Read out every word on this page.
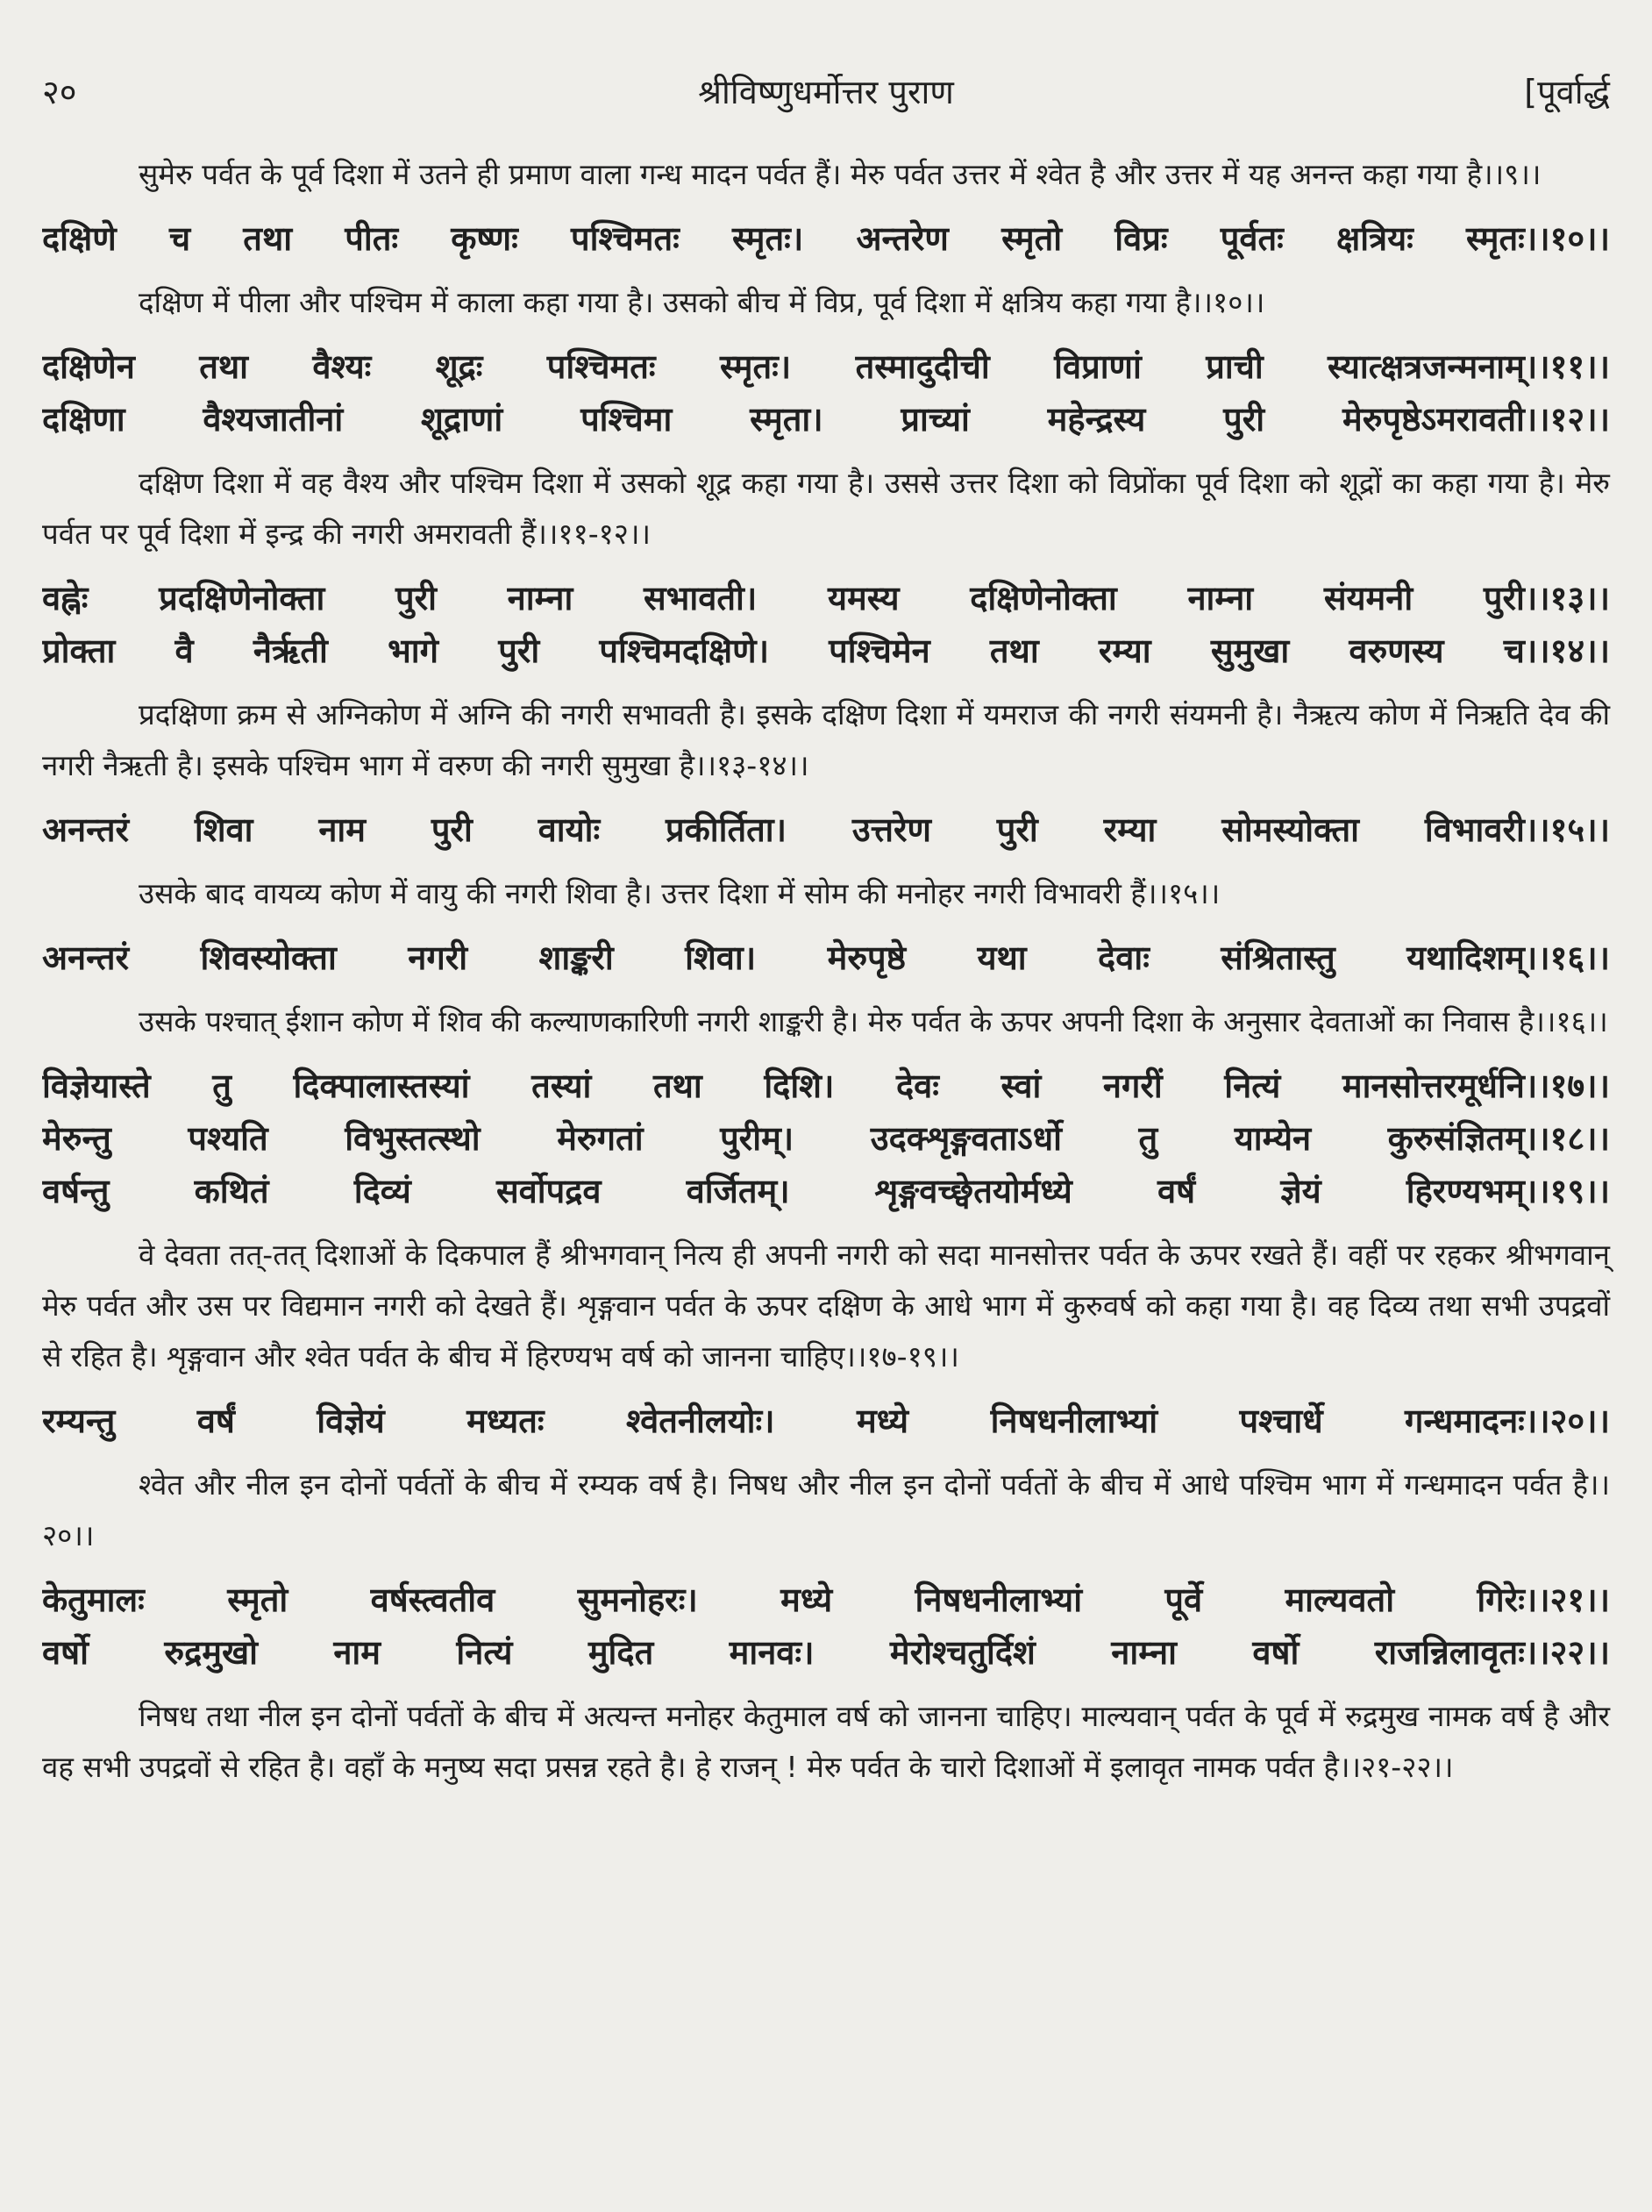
२०	श्रीविष्णुधर्मोत्तर पुराण	[पूर्वार्द्ध
सुमेरु पर्वत के पूर्व दिशा में उतने ही प्रमाण वाला गन्ध मादन पर्वत हैं। मेरु पर्वत उत्तर में श्वेत है और उत्तर में यह अनन्त कहा गया है।।९।।
दक्षिणे च तथा पीतः कृष्णः पश्चिमतः स्मृतः। अन्तरेण स्मृतो विप्रः पूर्वतः क्षत्रियः स्मृतः।।१०।।
दक्षिण में पीला और पश्चिम में काला कहा गया है। उसको बीच में विप्र, पूर्व दिशा में क्षत्रिय कहा गया है।।१०।।
दक्षिणेन तथा वैश्यः शूद्रः पश्चिमतः स्मृतः। तस्मादुदीची विप्राणां प्राची स्यात्क्षत्रजन्मनाम्।।११।।
दक्षिणा वैश्यजातीनां शूद्राणां पश्चिमा स्मृता। प्राच्यां महेन्द्रस्य पुरी मेरुपृष्ठेऽमरावती।।१२।।
दक्षिण दिशा में वह वैश्य और पश्चिम दिशा में उसको शूद्र कहा गया है। उससे उत्तर दिशा को विप्रोंका पूर्व दिशा को शूद्रों का कहा गया है। मेरु पर्वत पर पूर्व दिशा में इन्द्र की नगरी अमरावती हैं।।११-१२।।
वह्नेः प्रदक्षिणेनोक्ता पुरी नाम्ना सभावती। यमस्य दक्षिणेनोक्ता नाम्ना संयमनी पुरी।।१३।।
प्रोक्ता वै नैर्ऋती भागे पुरी पश्चिमदक्षिणे। पश्चिमेन तथा रम्या सुमुखा वरुणस्य च।।१४।।
प्रदक्षिणा क्रम से अग्निकोण में अग्नि की नगरी सभावती है। इसके दक्षिण दिशा में यमराज की नगरी संयमनी है। नैऋत्य कोण में निऋति देव की नगरी नैऋती है। इसके पश्चिम भाग में वरुण की नगरी सुमुखा है।।१३-१४।।
अनन्तरं शिवा नाम पुरी वायोः प्रकीर्तिता। उत्तरेण पुरी रम्या सोमस्योक्ता विभावरी।।१५।।
उसके बाद वायव्य कोण में वायु की नगरी शिवा है। उत्तर दिशा में सोम की मनोहर नगरी विभावरी हैं।।१५।।
अनन्तरं शिवस्योक्ता नगरी शाङ्करी शिवा। मेरुपृष्ठे यथा देवाः संश्रितास्तु यथादिशम्।।१६।।
उसके पश्चात् ईशान कोण में शिव की कल्याणकारिणी नगरी शाङ्करी है। मेरु पर्वत के ऊपर अपनी दिशा के अनुसार देवताओं का निवास है।।१६।।
विज्ञेयास्ते तु दिक्पालास्तस्यां तस्यां तथा दिशि। देवः स्वां नगरीं नित्यं मानसोत्तरमूर्धनि।।१७।।
मेरुन्तु पश्यति विभुस्तत्स्थो मेरुगतां पुरीम्। उदक्शृङ्गवताऽर्धो तु याम्येन कुरुसंज्ञितम्।।१८।।
वर्षन्तु कथितं दिव्यं सर्वोपद्रव वर्जितम्। शृङ्गवच्छ्वेतयोर्मध्ये वर्षं ज्ञेयं हिरण्यभम्।।१९।।
वे देवता तत्-तत् दिशाओं के दिकपाल हैं श्रीभगवान् नित्य ही अपनी नगरी को सदा मानसोत्तर पर्वत के ऊपर रखते हैं। वहीं पर रहकर श्रीभगवान् मेरु पर्वत और उस पर विद्यमान नगरी को देखते हैं। शृङ्गवान पर्वत के ऊपर दक्षिण के आधे भाग में कुरुवर्ष को कहा गया है। वह दिव्य तथा सभी उपद्रवों से रहित है। शृङ्गवान और श्वेत पर्वत के बीच में हिरण्यभ वर्ष को जानना चाहिए।।१७-१९।।
रम्यन्तु वर्षं विज्ञेयं मध्यतः श्वेतनीलयोः। मध्ये निषधनीलाभ्यां पश्चार्धे गन्धमादनः।।२०।।
श्वेत और नील इन दोनों पर्वतों के बीच में रम्यक वर्ष है। निषध और नील इन दोनों पर्वतों के बीच में आधे पश्चिम भाग में गन्धमादन पर्वत है।।२०।।
केतुमालः स्मृतो वर्षस्त्वतीव सुमनोहरः। मध्ये निषधनीलाभ्यां पूर्वे माल्यवतो गिरेः।।२१।।
वर्षो रुद्रमुखो नाम नित्यं मुदित मानवः। मेरोश्चतुर्दिशं नाम्ना वर्षो राजन्निलावृतः।।२२।।
निषध तथा नील इन दोनों पर्वतों के बीच में अत्यन्त मनोहर केतुमाल वर्ष को जानना चाहिए। माल्यवान् पर्वत के पूर्व में रुद्रमुख नामक वर्ष है और वह सभी उपद्रवों से रहित है। वहाँ के मनुष्य सदा प्रसन्न रहते है। हे राजन् ! मेरु पर्वत के चारो दिशाओं में इलावृत नामक पर्वत है।।२१-२२।।
